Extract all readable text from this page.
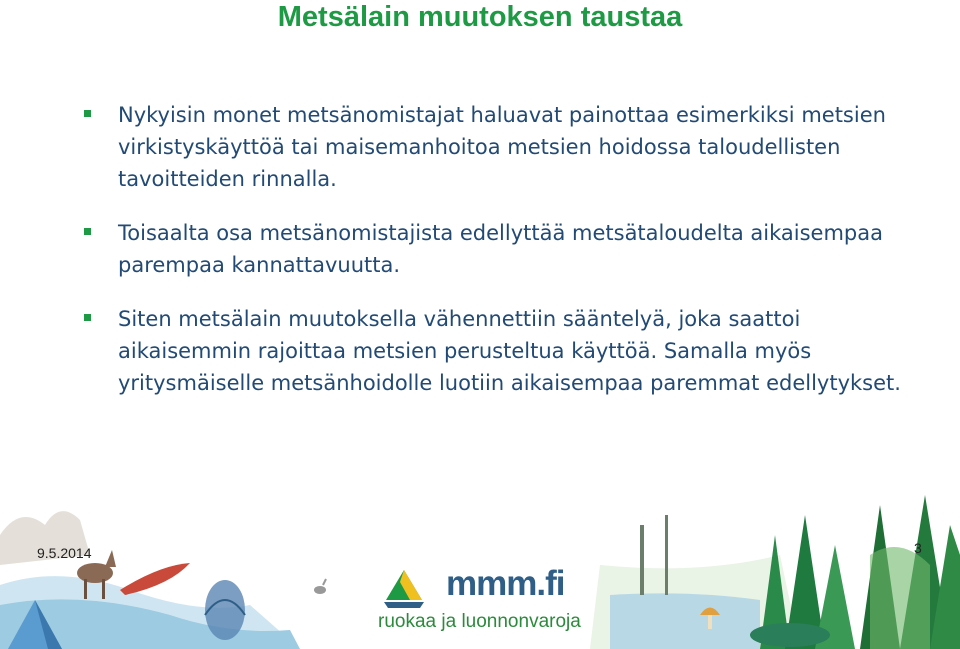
Metsälain muutoksen taustaa
Nykyisin monet metsänomistajat haluavat painottaa esimerkiksi metsien virkistyskäyttöä tai maisemanhoitoa metsien hoidossa taloudellisten tavoitteiden rinnalla.
Toisaalta osa metsänomistajista edellyttää metsätaloudelta aikaisempaa parempaa kannattavuutta.
Siten metsälain muutoksella vähennettiin sääntelyä, joka saattoi aikaisemmin rajoittaa metsien perusteltua käyttöä. Samalla myös yritysmäiselle metsänhoidolle luotiin aikaisempaa paremmat edellytykset.
9.5.2014	3
mmm.fi
ruokaa ja luonnonvaroja
